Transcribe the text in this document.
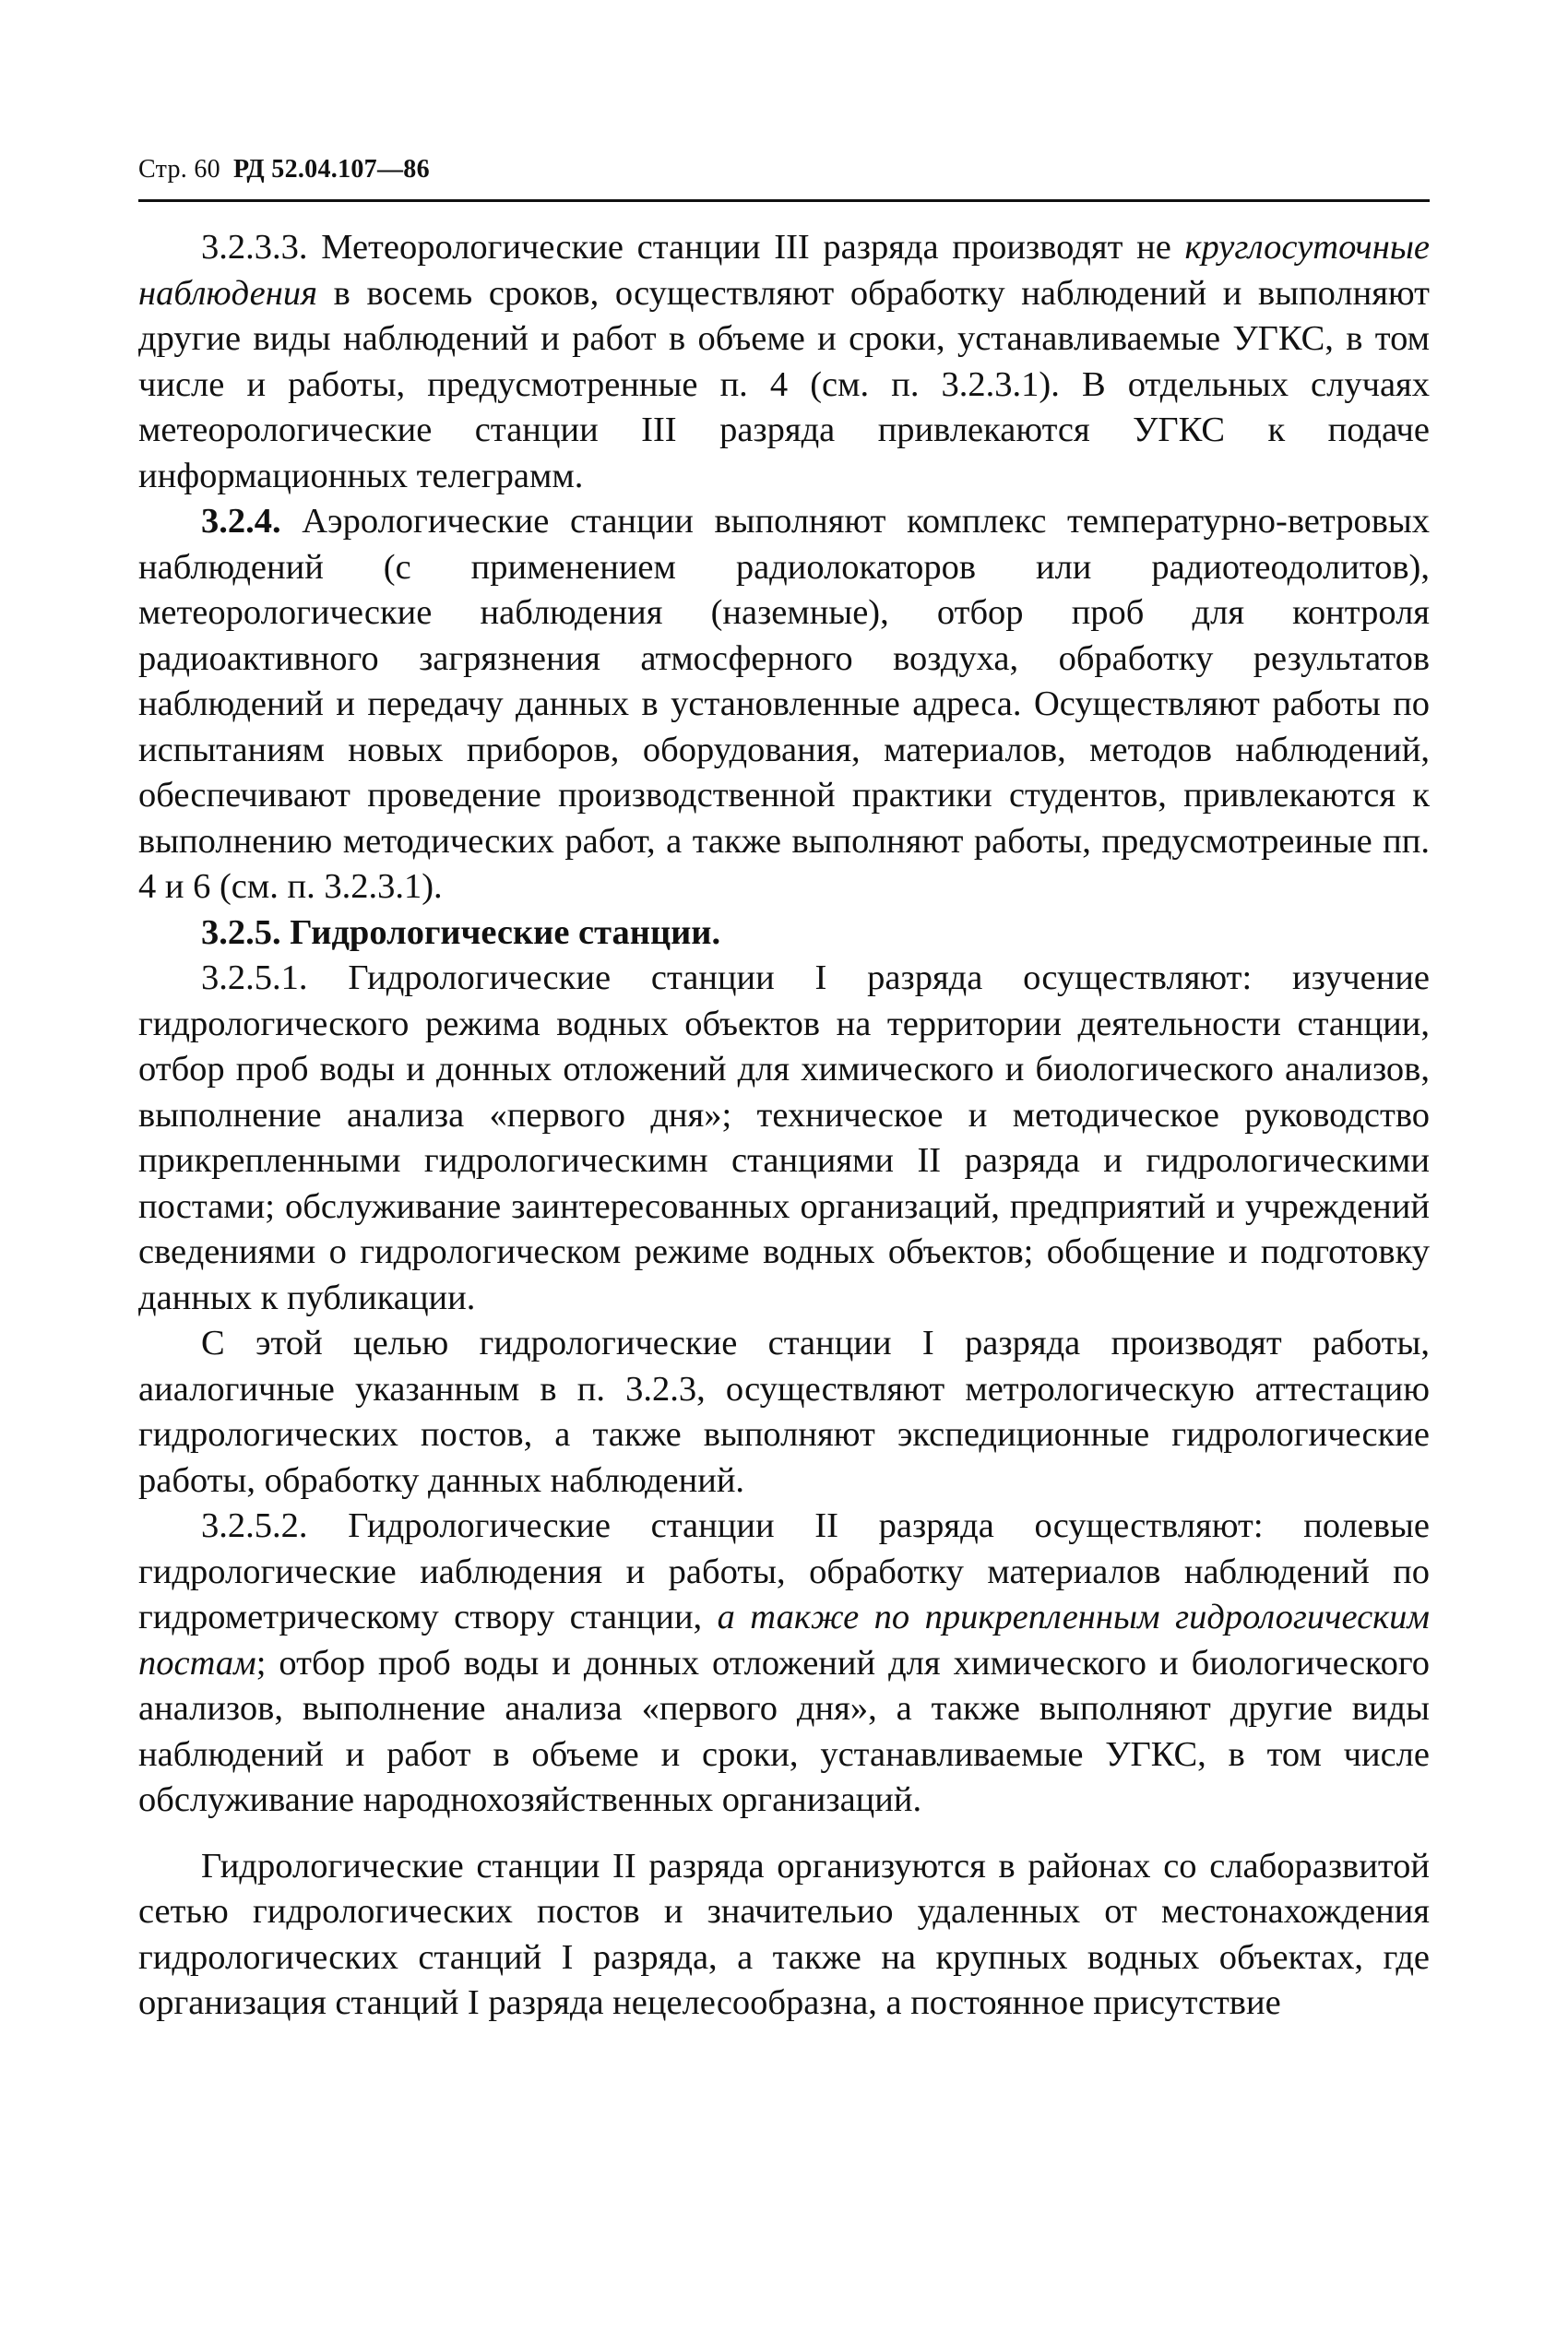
Стр. 60 РД 52.04.107—86

3.2.3.3. Метеорологические станции III разряда производят не круглосуточные наблюдения в восемь сроков, осуществляют обработку наблюдений и выполняют другие виды наблюдений и работ в объеме и сроки, устанавливаемые УГКС, в том числе и работы, предусмотренные п. 4 (см. п. 3.2.3.1). В отдельных случаях метеорологические станции III разряда привлекаются УГКС к подаче информационных телеграмм.

3.2.4. Аэрологические станции выполняют комплекс температурно-ветровых наблюдений (с применением радиолокаторов или радиотеодолитов), метеорологические наблюдения (наземные), отбор проб для контроля радиоактивного загрязнения атмосферного воздуха, обработку результатов наблюдений и передачу данных в установленные адреса. Осуществляют работы по испытаниям новых приборов, оборудования, материалов, методов наблюдений, обеспечивают проведение производственной практики студентов, привлекаются к выполнению методических работ, а также выполняют работы, предусмотреиные пп. 4 и 6 (см. п. 3.2.3.1).

3.2.5. Гидрологические станции.

3.2.5.1. Гидрологические станции I разряда осуществляют: изучение гидрологического режима водных объектов на территории деятельности станции, отбор проб воды и донных отложений для химического и биологического анализов, выполнение анализа «первого дня»; техническое и методическое руководство прикрепленными гидрологическимн станциями II разряда и гидрологическими постами; обслуживание заинтересованных организаций, предприятий и учреждений сведениями о гидрологическом режиме водных объектов; обобщение и подготовку данных к публикации.

С этой целью гидрологические станции I разряда производят работы, аиалогичные указанным в п. 3.2.3, осуществляют метрологическую аттестацию гидрологических постов, а также выполняют экспедиционные гидрологические работы, обработку данных наблюдений.

3.2.5.2. Гидрологические станции II разряда осуществляют: полевые гидрологические иаблюдения и работы, обработку материалов наблюдений по гидрометрическому створу станции, а также по прикрепленным гидрологическим постам; отбор проб воды и донных отложений для химического и биологического анализов, выполнение анализа «первого дня», а также выполняют другие виды наблюдений и работ в объеме и сроки, устанавливаемые УГКС, в том числе обслуживание народнохозяйственных организаций.

Гидрологические станции II разряда организуются в районах со слаборазвитой сетью гидрологических постов и значительио удаленных от местонахождения гидрологических станций I разряда, а также на крупных водных объектах, где организация станций I разряда нецелесообразна, а постоянное присутствие
